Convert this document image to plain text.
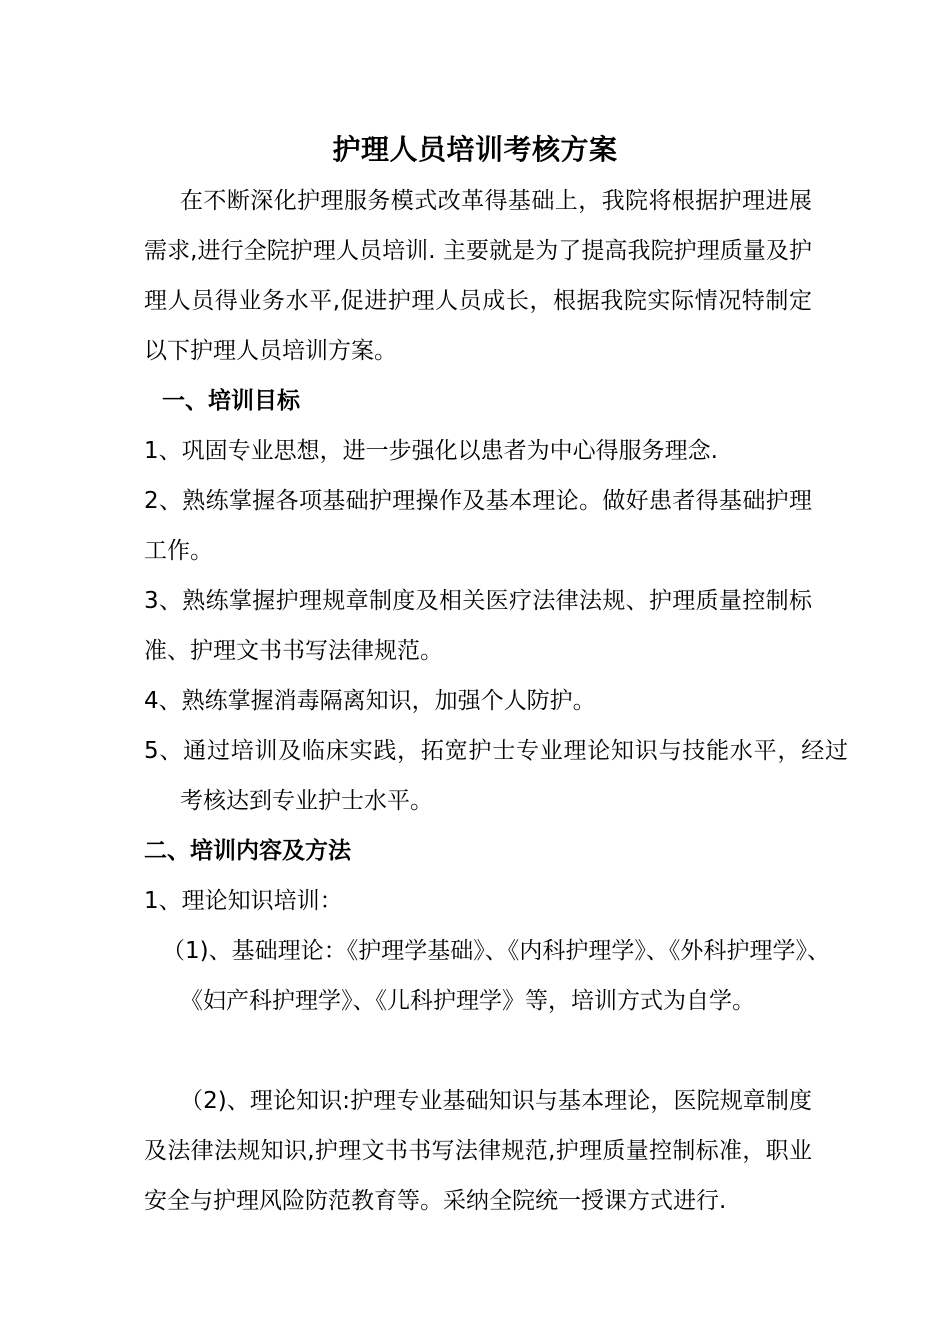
护理人员培训考核方案

在不断深化护理服务模式改革得基础上，我院将根据护理进展需求,进行全院护理人员培训. 主要就是为了提高我院护理质量及护理人员得业务水平,促进护理人员成长，根据我院实际情况特制定以下护理人员培训方案。

一、培训目标

1、巩固专业思想，进一步强化以患者为中心得服务理念.

2、熟练掌握各项基础护理操作及基本理论。做好患者得基础护理工作。

3、熟练掌握护理规章制度及相关医疗法律法规、护理质量控制标准、护理文书书写法律规范。

4、熟练掌握消毒隔离知识，加强个人防护。

5、通过培训及临床实践，拓宽护士专业理论知识与技能水平，经过考核达到专业护士水平。

二、培训内容及方法

1、理论知识培训：

（1)、基础理论：《护理学基础》、《内科护理学》、《外科护理学》、《妇产科护理学》、《儿科护理学》等，培训方式为自学。

（2)、理论知识:护理专业基础知识与基本理论，医院规章制度及法律法规知识,护理文书书写法律规范,护理质量控制标准，职业安全与护理风险防范教育等。采纳全院统一授课方式进行.
